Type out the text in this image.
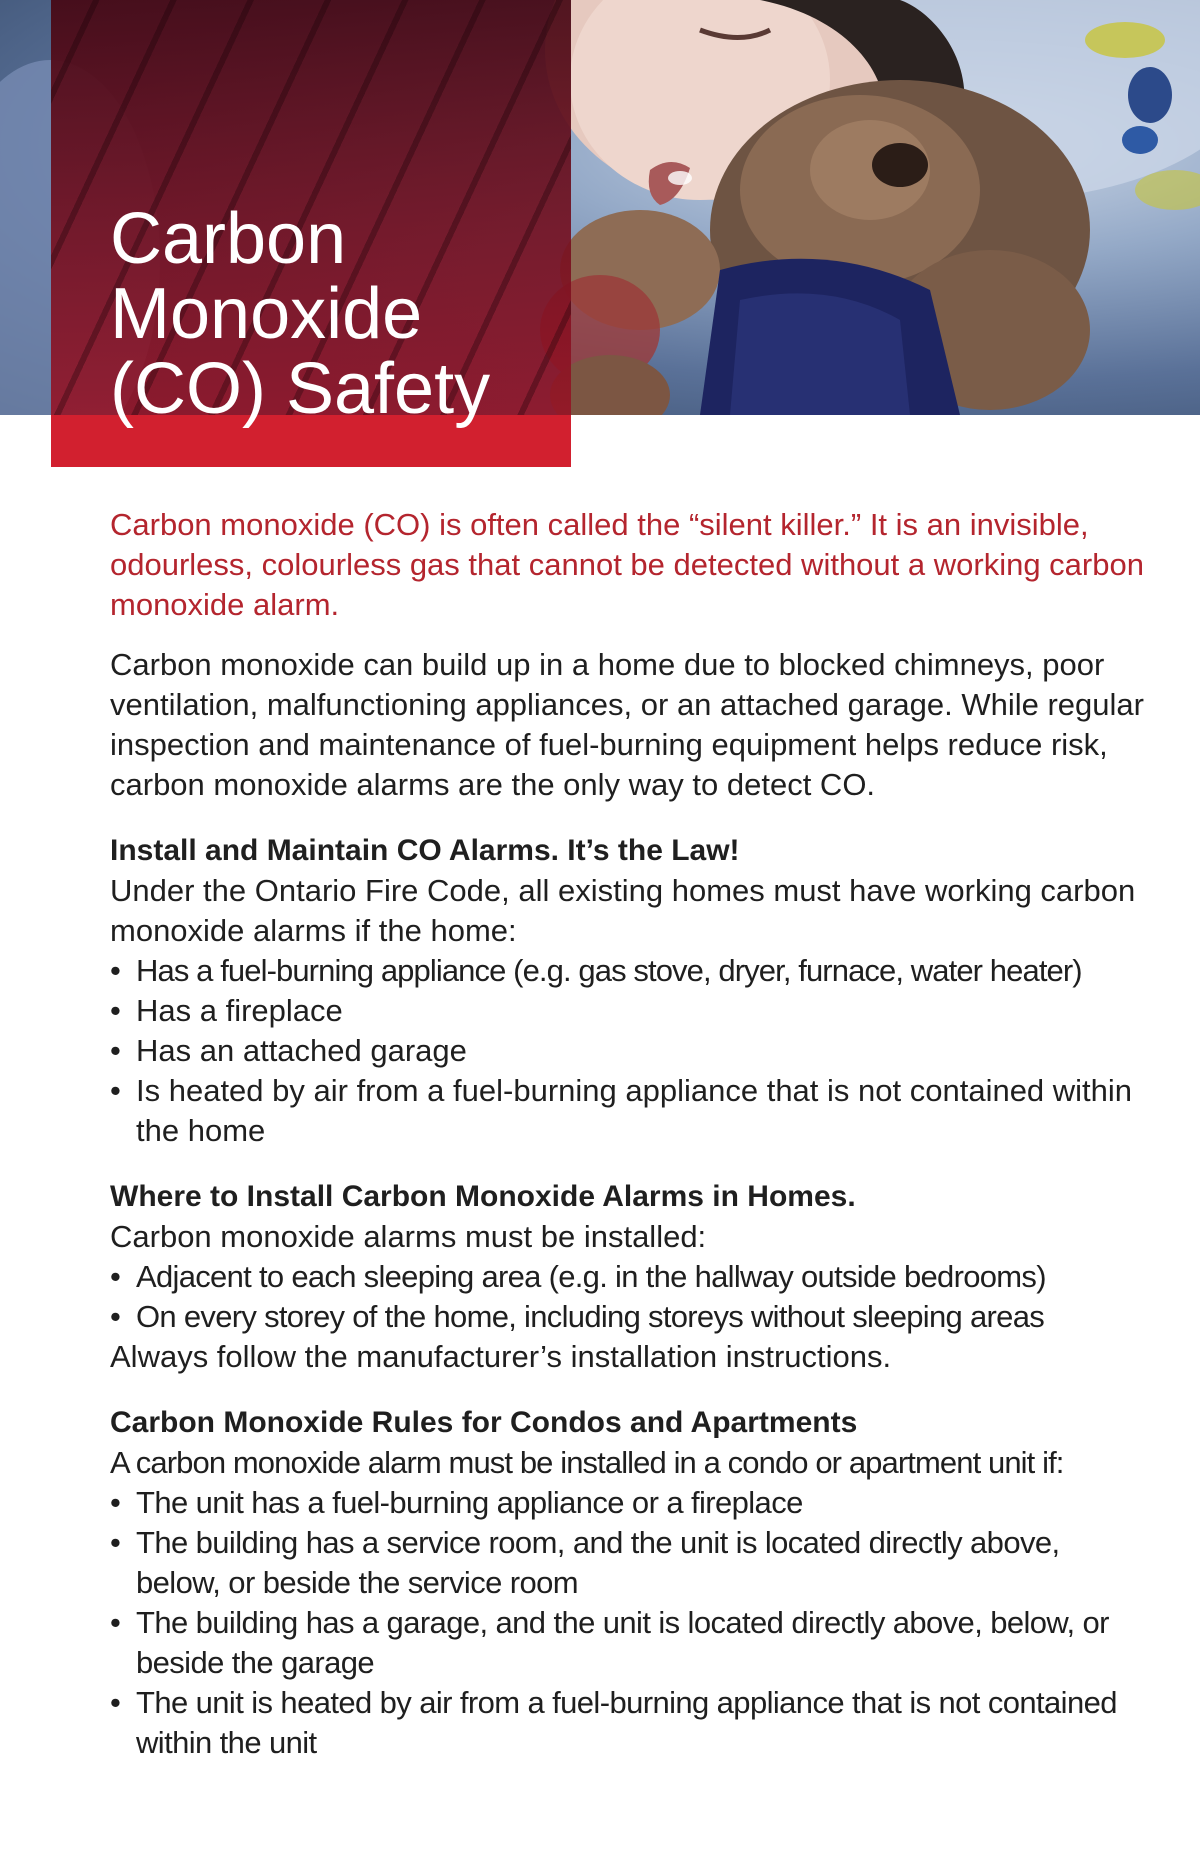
Carbon
Monoxide
(CO) Safety

Carbon monoxide (CO) is often called the “silent killer.” It is an invisible, odourless, colourless gas that cannot be detected without a working carbon monoxide alarm.

Carbon monoxide can build up in a home due to blocked chimneys, poor ventilation, malfunctioning appliances, or an attached garage. While regular inspection and maintenance of fuel-burning equipment helps reduce risk, carbon monoxide alarms are the only way to detect CO.

Install and Maintain CO Alarms. It’s the Law!

Under the Ontario Fire Code, all existing homes must have working carbon monoxide alarms if the home:

• Has a fuel-burning appliance (e.g. gas stove, dryer, furnace, water heater)
• Has a fireplace
• Has an attached garage
• Is heated by air from a fuel-burning appliance that is not contained within the home
Where to Install Carbon Monoxide Alarms in Homes.

Carbon monoxide alarms must be installed:

• Adjacent to each sleeping area (e.g. in the hallway outside bedrooms)
• On every storey of the home, including storeys without sleeping areas

Always follow the manufacturer’s installation instructions.

Carbon Monoxide Rules for Condos and Apartments

A carbon monoxide alarm must be installed in a condo or apartment unit if:

• The unit has a fuel-burning appliance or a fireplace
• The building has a service room, and the unit is located directly above, below, or beside the service room
• The building has a garage, and the unit is located directly above, below, or beside the garage
• The unit is heated by air from a fuel-burning appliance that is not contained within the unit
